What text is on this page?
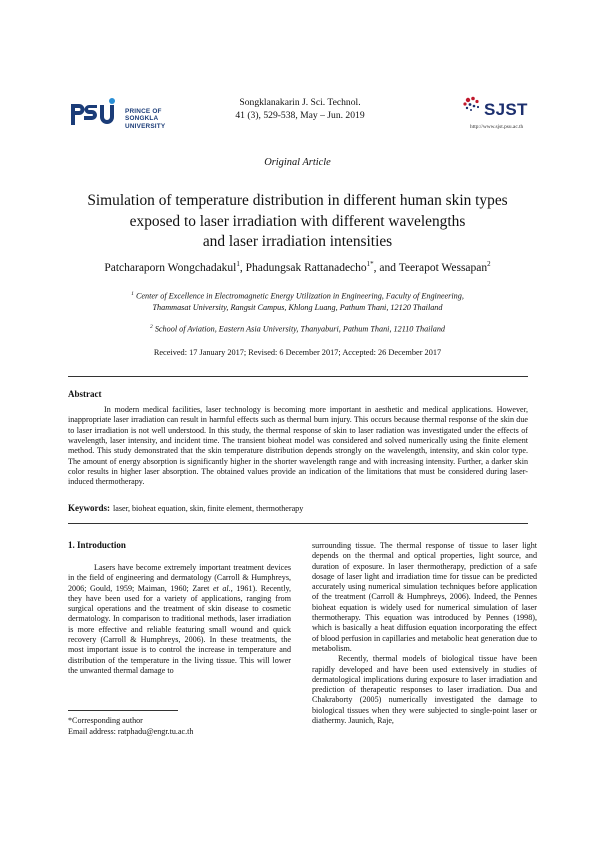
PRINCE OF
SONGKLA
UNIVERSITY
Songklanakarin J. Sci. Technol.
41 (3), 529-538, May – Jun. 2019	SJST
http://www.sjst.psu.ac.th
Original Article
Simulation of temperature distribution in different human skin types
exposed to laser irradiation with different wavelengths
and laser irradiation intensities
Patcharaporn Wongchadakul$^1$, Phadungsak Rattanadecho$^{1*}$, and Teerapot Wessapan$^2$
$^1$ Center of Excellence in Electromagnetic Energy Utilization in Engineering, Faculty of Engineering,
Thammasat University, Rangsit Campus, Khlong Luang, Pathum Thani, 12120 Thailand
$^2$ School of Aviation, Eastern Asia University, Thanyaburi, Pathum Thani, 12110 Thailand
Received: 17 January 2017; Revised: 6 December 2017; Accepted: 26 December 2017
Abstract
In modern medical facilities, laser technology is becoming more important in aesthetic and medical applications. However, inappropriate laser irradiation can result in harmful effects such as thermal burn injury. This occurs because thermal response of the skin due to laser irradiation is not well understood. In this study, the thermal response of skin to laser radiation was investigated under the effects of wavelength, laser intensity, and incident time. The transient bioheat model was considered and solved numerically using the finite element method. This study demonstrated that the skin temperature distribution depends strongly on the wavelength, intensity, and skin color type. The amount of energy absorption is significantly higher in the shorter wavelength range and with increasing intensity. Further, a darker skin color results in higher laser absorption. The obtained values provide an indication of the limitations that must be considered during laser-induced thermotherapy.
Keywords: laser, bioheat equation, skin, finite element, thermotherapy
1. Introduction
Lasers have become extremely important treatment devices in the field of engineering and dermatology (Carroll & Humphreys, 2006; Gould, 1959; Maiman, 1960; Zaret et al., 1961). Recently, they have been used for a variety of applications, ranging from surgical operations and the treatment of skin disease to cosmetic dermatology. In comparison to traditional methods, laser irradiation is more effective and reliable featuring small wound and quick recovery (Carroll & Humphreys, 2006). In these treatments, the most important issue is to control the increase in temperature and distribution of the temperature in the living tissue. This will lower the unwanted thermal damage to

surrounding tissue. The thermal response of tissue to laser light depends on the thermal and optical properties, light source, and duration of exposure. In laser thermotherapy, prediction of a safe dosage of laser light and irradiation time for tissue can be predicted accurately using numerical simulation techniques before application of the treatment (Carroll & Humphreys, 2006). Indeed, the Pennes bioheat equation is widely used for numerical simulation of laser thermotherapy. This equation was introduced by Pennes (1998), which is basically a heat diffusion equation incorporating the effect of blood perfusion in capillaries and metabolic heat generation due to metabolism.

Recently, thermal models of biological tissue have been rapidly developed and have been used extensively in studies of dermatological implications during exposure to laser irradiation and prediction of therapeutic responses to laser irradiation. Dua and Chakraborty (2005) numerically investigated the damage to biological tissues when they were subjected to single-point laser or diathermy. Jaunich, Raje,

*Corresponding author
Email address: ratphadu@engr.tu.ac.th
